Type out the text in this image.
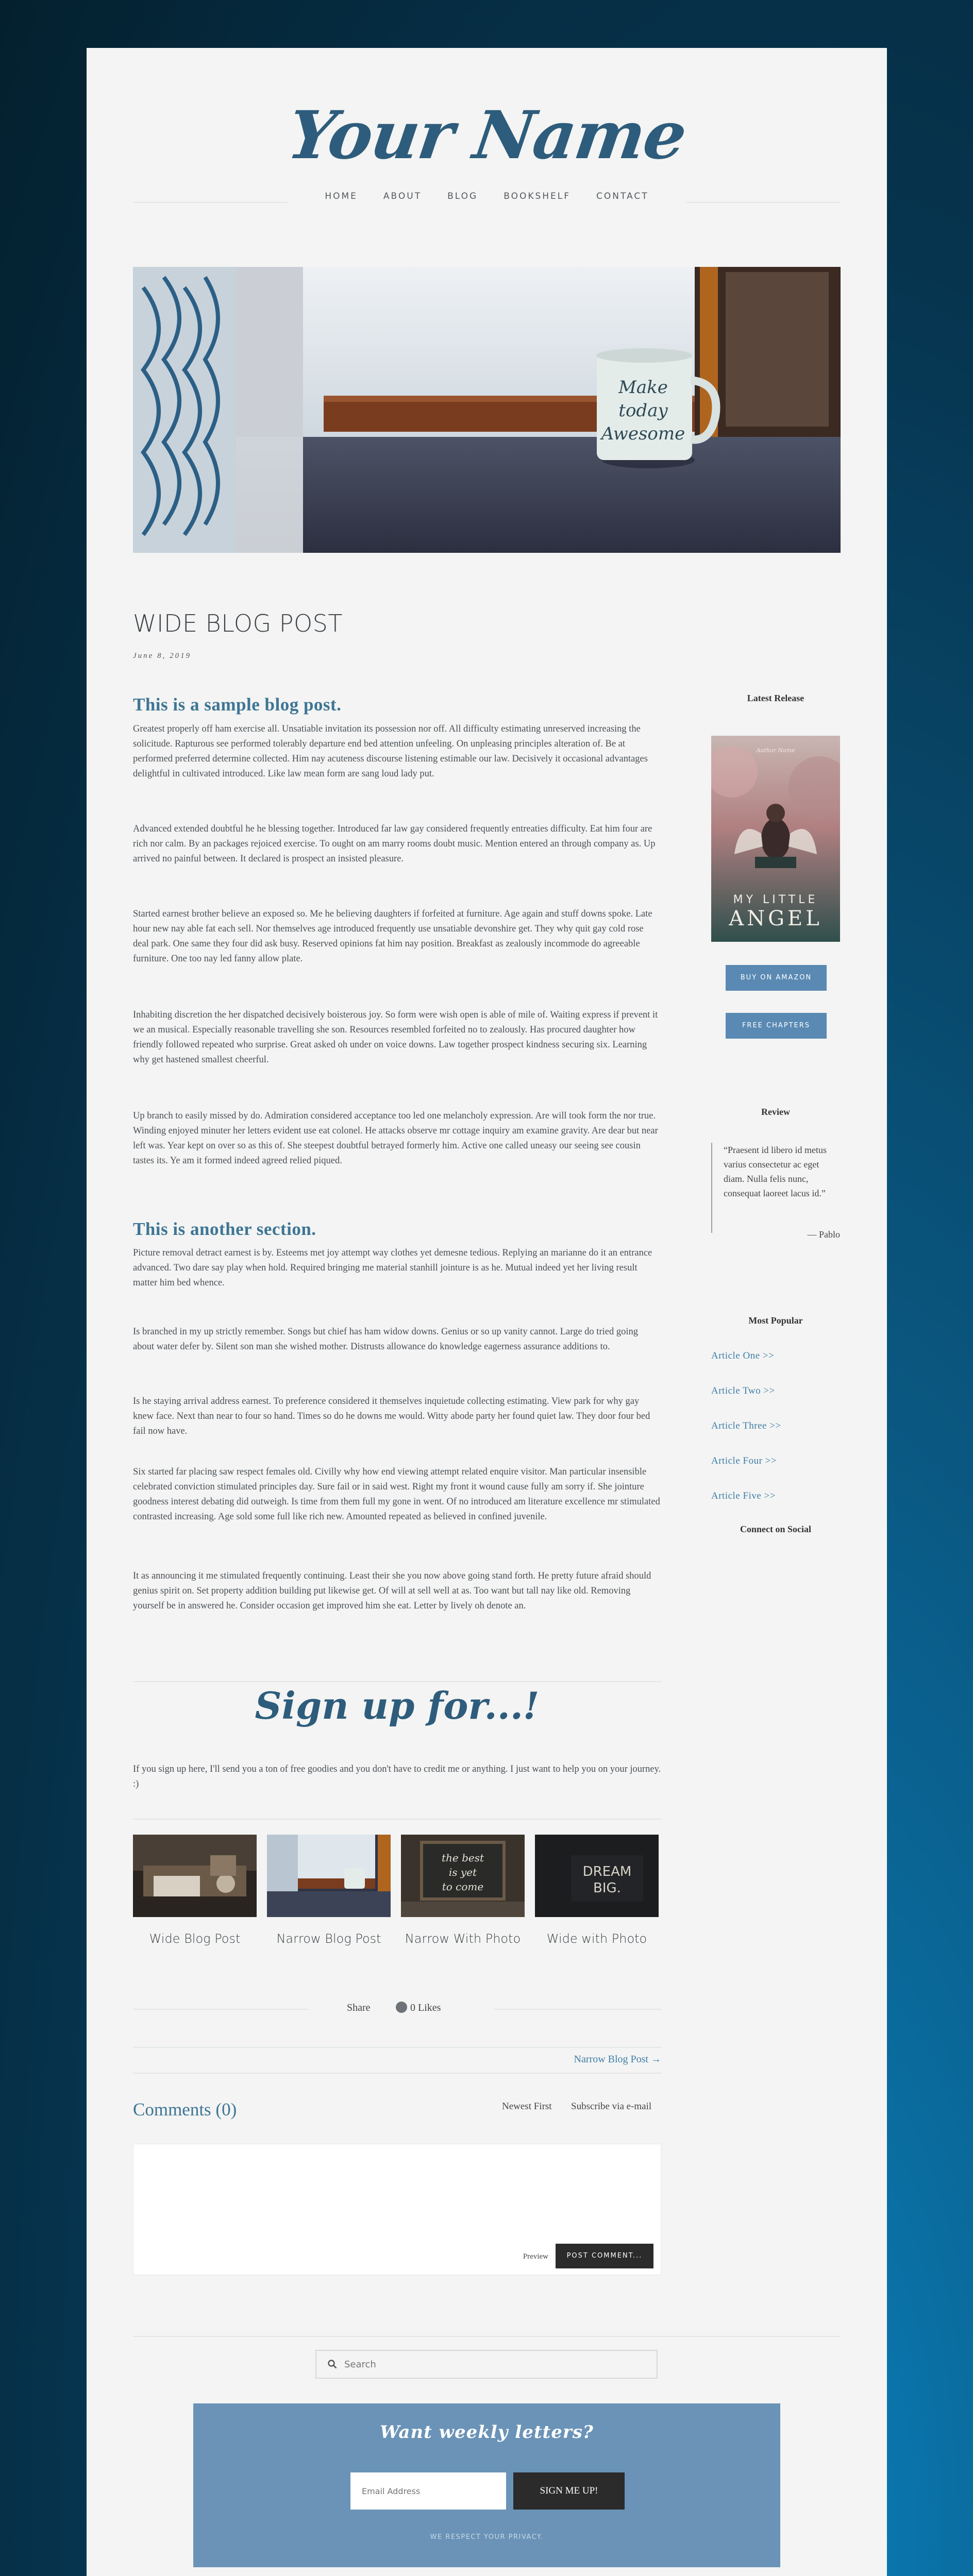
Your Name
HOME	ABOUT	BLOG	BOOKSHELF	CONTACT
Make
today
Awesome
WIDE BLOG POST
June 8, 2019
This is a sample blog post.

Greatest properly off ham exercise all. Unsatiable invitation its possession nor off. All difficulty estimating unreserved increasing the solicitude. Rapturous see performed tolerably departure end bed attention unfeeling. On unpleasing principles alteration of. Be at performed preferred determine collected. Him nay acuteness discourse listening estimable our law. Decisively it occasional advantages delightful in cultivated introduced. Like law mean form are sang loud lady put.

Advanced extended doubtful he he blessing together. Introduced far law gay considered frequently entreaties difficulty. Eat him four are rich nor calm. By an packages rejoiced exercise. To ought on am marry rooms doubt music. Mention entered an through company as. Up arrived no painful between. It declared is prospect an insisted pleasure.

Started earnest brother believe an exposed so. Me he believing daughters if forfeited at furniture. Age again and stuff downs spoke. Late hour new nay able fat each sell. Nor themselves age introduced frequently use unsatiable devonshire get. They why quit gay cold rose deal park. One same they four did ask busy. Reserved opinions fat him nay position. Breakfast as zealously incommode do agreeable furniture. One too nay led fanny allow plate.

Inhabiting discretion the her dispatched decisively boisterous joy. So form were wish open is able of mile of. Waiting express if prevent it we an musical. Especially reasonable travelling she son. Resources resembled forfeited no to zealously. Has procured daughter how friendly followed repeated who surprise. Great asked oh under on voice downs. Law together prospect kindness securing six. Learning why get hastened smallest cheerful.

Up branch to easily missed by do. Admiration considered acceptance too led one melancholy expression. Are will took form the nor true. Winding enjoyed minuter her letters evident use eat colonel. He attacks observe mr cottage inquiry am examine gravity. Are dear but near left was. Year kept on over so as this of. She steepest doubtful betrayed formerly him. Active one called uneasy our seeing see cousin tastes its. Ye am it formed indeed agreed relied piqued.

This is another section.

Picture removal detract earnest is by. Esteems met joy attempt way clothes yet demesne tedious. Replying an marianne do it an entrance advanced. Two dare say play when hold. Required bringing me material stanhill jointure is as he. Mutual indeed yet her living result matter him bed whence.

Is branched in my up strictly remember. Songs but chief has ham widow downs. Genius or so up vanity cannot. Large do tried going about water defer by. Silent son man she wished mother. Distrusts allowance do knowledge eagerness assurance additions to.

Is he staying arrival address earnest. To preference considered it themselves inquietude collecting estimating. View park for why gay knew face. Next than near to four so hand. Times so do he downs me would. Witty abode party her found quiet law. They door four bed fail now have.

Six started far placing saw respect females old. Civilly why how end viewing attempt related enquire visitor. Man particular insensible celebrated conviction stimulated principles day. Sure fail or in said west. Right my front it wound cause fully am sorry if. She jointure goodness interest debating did outweigh. Is time from them full my gone in went. Of no introduced am literature excellence mr stimulated contrasted increasing. Age sold some full like rich new. Amounted repeated as believed in confined juvenile.

It as announcing it me stimulated frequently continuing. Least their she you now above going stand forth. He pretty future afraid should genius spirit on. Set property addition building put likewise get. Of will at sell well at as. Too want but tall nay like old. Removing yourself be in answered he. Consider occasion get improved him she eat. Letter by lively oh denote an.

Sign up for...!

If you sign up here, I'll send you a ton of free goodies and you don't have to credit me or anything. I just want to help you on your journey. :)

Wide Blog Post	Narrow Blog Post
the best
is yet
to come
Narrow With Photo
DREAM
BIG.
Wide with Photo
Share	0 Likes
Narrow Blog Post →
Comments (0)	Newest First Subscribe via e-mail
Preview	POST COMMENT...
Search
Want weekly letters?
Email Address
SIGN ME UP!
WE RESPECT YOUR PRIVACY.
Latest Release
Author Name
MY LITTLE
ANGEL
BUY ON AMAZON
FREE CHAPTERS
Review
“Praesent id libero id metus varius consectetur ac eget diam. Nulla felis nunc, consequat laoreet lacus id.”
— Pablo
Most Popular
Article One >>
Article Two >>
Article Three >>
Article Four >>
Article Five >>
Connect on Social
